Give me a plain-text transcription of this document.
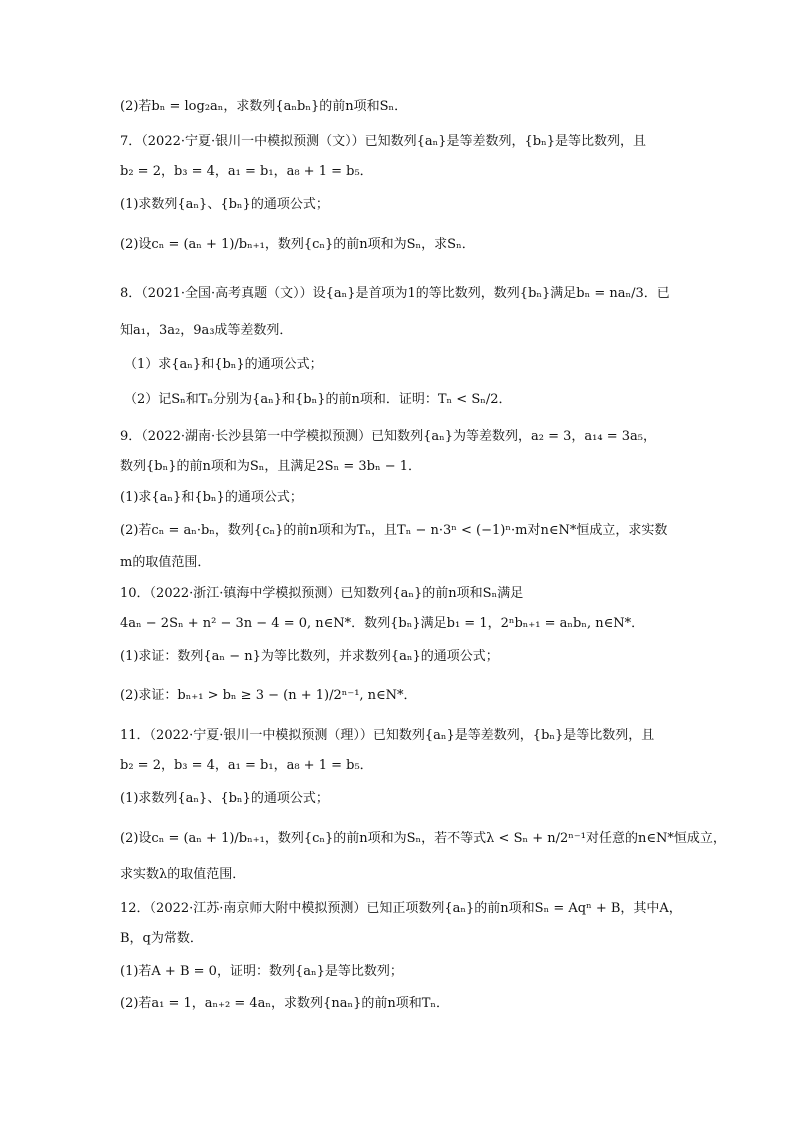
(2)若bₙ = log₂aₙ，求数列{aₙbₙ}的前n项和Sₙ．
7．（2022·宁夏·银川一中模拟预测（文））已知数列{aₙ}是等差数列，{bₙ}是等比数列，且
b₂ = 2，b₃ = 4，a₁ = b₁，a₈ + 1 = b₅．
(1)求数列{aₙ}、{bₙ}的通项公式；
(2)设cₙ = (aₙ + 1)/bₙ₊₁，数列{cₙ}的前n项和为Sₙ，求Sₙ．
8．（2021·全国·高考真题（文））设{aₙ}是首项为1的等比数列，数列{bₙ}满足bₙ = naₙ/3．已
知a₁，3a₂，9a₃成等差数列．
（1）求{aₙ}和{bₙ}的通项公式；
（2）记Sₙ和Tₙ分别为{aₙ}和{bₙ}的前n项和．证明：Tₙ < Sₙ/2．
9．（2022·湖南·长沙县第一中学模拟预测）已知数列{aₙ}为等差数列，a₂ = 3，a₁₄ = 3a₅，
数列{bₙ}的前n项和为Sₙ，且满足2Sₙ = 3bₙ − 1．
(1)求{aₙ}和{bₙ}的通项公式；
(2)若cₙ = aₙ·bₙ，数列{cₙ}的前n项和为Tₙ，且Tₙ − n·3ⁿ < (−1)ⁿ·m对n∈N*恒成立，求实数
m的取值范围．
10．（2022·浙江·镇海中学模拟预测）已知数列{aₙ}的前n项和Sₙ满足
4aₙ − 2Sₙ + n² − 3n − 4 = 0, n∈N*．数列{bₙ}满足b₁ = 1，2ⁿbₙ₊₁ = aₙbₙ, n∈N*．
(1)求证：数列{aₙ − n}为等比数列，并求数列{aₙ}的通项公式；
(2)求证：bₙ₊₁ > bₙ ≥ 3 − (n + 1)/2ⁿ⁻¹, n∈N*．
11．（2022·宁夏·银川一中模拟预测（理））已知数列{aₙ}是等差数列，{bₙ}是等比数列，且
b₂ = 2，b₃ = 4，a₁ = b₁，a₈ + 1 = b₅．
(1)求数列{aₙ}、{bₙ}的通项公式；
(2)设cₙ = (aₙ + 1)/bₙ₊₁，数列{cₙ}的前n项和为Sₙ，若不等式λ < Sₙ + n/2ⁿ⁻¹对任意的n∈N*恒成立，
求实数λ的取值范围．
12．（2022·江苏·南京师大附中模拟预测）已知正项数列{aₙ}的前n项和Sₙ = Aqⁿ + B，其中A，
B，q为常数．
(1)若A + B = 0，证明：数列{aₙ}是等比数列；
(2)若a₁ = 1，aₙ₊₂ = 4aₙ，求数列{naₙ}的前n项和Tₙ．
